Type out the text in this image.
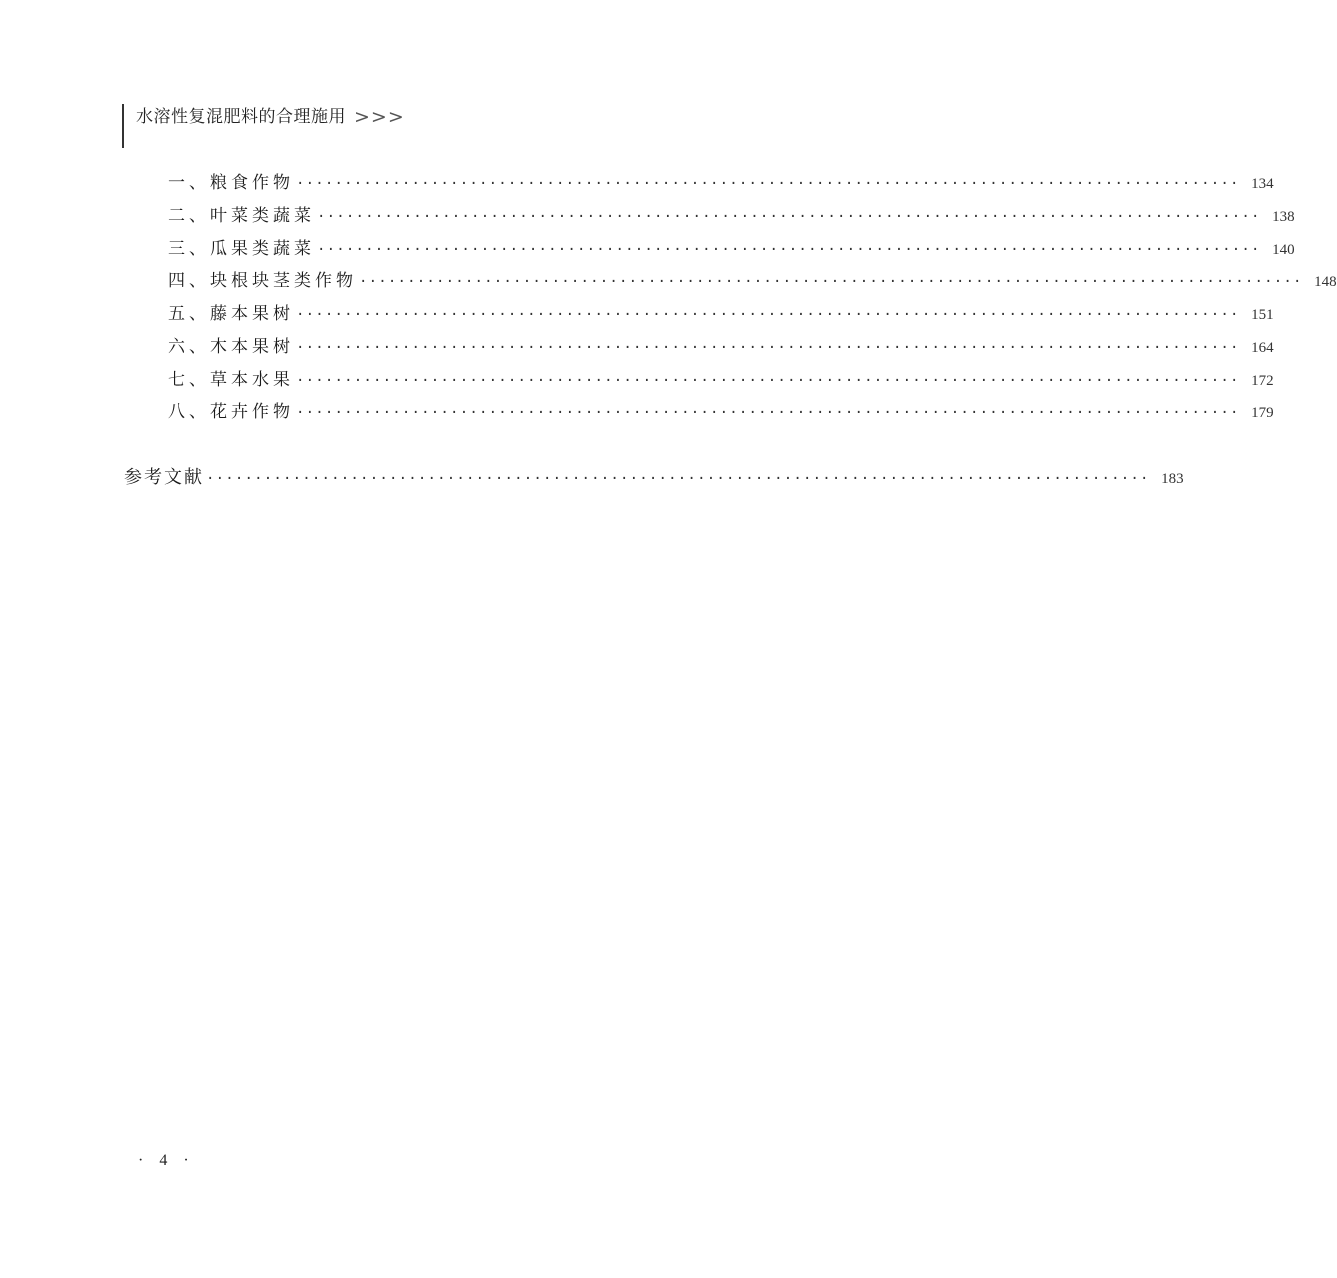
水溶性复混肥料的合理施用 >>>
一、粮食作物 ·································································································· 134
二、叶菜类蔬菜 ·································································································· 138
三、瓜果类蔬菜 ·································································································· 140
四、块根块茎类作物 ·································································································· 148
五、藤本果树 ·································································································· 151
六、木本果树 ·································································································· 164
七、草本水果 ·································································································· 172
八、花卉作物 ·································································································· 179
参考文献 ·································································································· 183
· 4 ·
